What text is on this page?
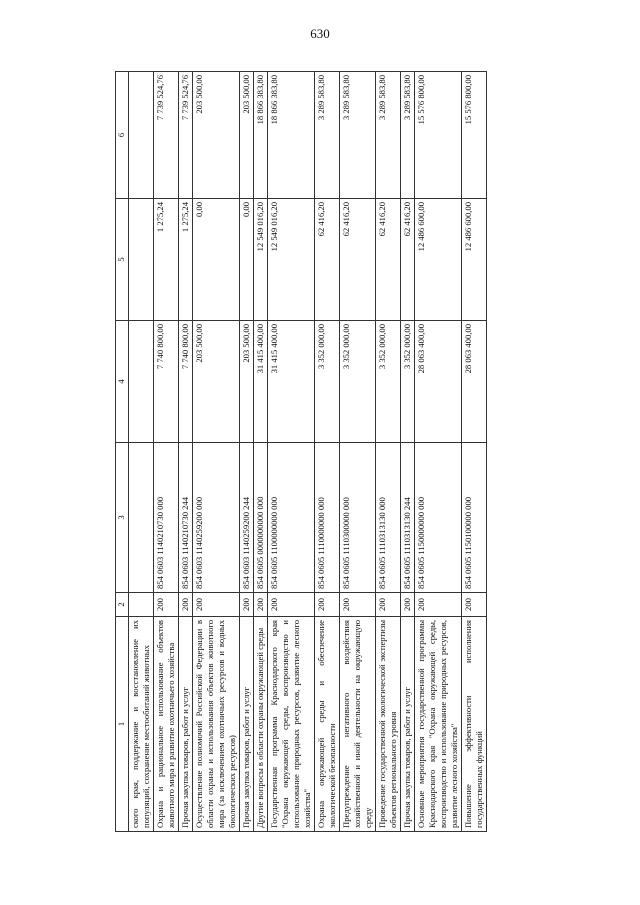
630
1	2	3	4	5	6
ского края, поддержание и восстановление их популяций, сохранение местообитаний животных					
Охрана и рациональное использование объектов животного мира и развитие охотничьего хозяйства	200	854 0603 1140210730 000	7 740 800,00	1 275,24	7 739 524,76
Прочая закупка товаров, работ и услуг	200	854 0603 1140210730 244	7 740 800,00	1 275,24	7 739 524,76
Осуществление полномочий Российской Федерации в области охраны и использования объектов животного мира (за исключением охотничьих ресурсов и водных биологических ресурсов)	200	854 0603 1140259200 000	203 500,00	0,00	203 500,00
Прочая закупка товаров, работ и услуг	200	854 0603 1140259200 244	203 500,00	0,00	203 500,00
Другие вопросы в области охраны окружающей среды	200	854 0605 0000000000 000	31 415 400,00	12 549 016,20	18 866 383,80
Государственная программа Краснодарского края "Охрана окружающей среды, воспроизводство и использование природных ресурсов, развитие лесного хозяйства"	200	854 0605 1100000000 000	31 415 400,00	12 549 016,20	18 866 383,80
Охрана окружающей среды и обеспечение экологической безопасности	200	854 0605 1110000000 000	3 352 000,00	62 416,20	3 289 583,80
Предупреждение негативного воздействия хозяйственной и иной деятельности на окружающую среду	200	854 0605 1110300000 000	3 352 000,00	62 416,20	3 289 583,80
Проведение государственной экологической экспертизы объектов регионального уровня	200	854 0605 1110313130 000	3 352 000,00	62 416,20	3 289 583,80
Прочая закупка товаров, работ и услуг	200	854 0605 1110313130 244	3 352 000,00	62 416,20	3 289 583,80
Основные мероприятия государственной программы Краснодарского края "Охрана окружающей среды, воспроизводство и использование природных ресурсов, развитие лесного хозяйства"	200	854 0605 1150000000 000	28 063 400,00	12 486 600,00	15 576 800,00
Повышение эффективности исполнения государственных функций	200	854 0605 1150100000 000	28 063 400,00	12 486 600,00	15 576 800,00
